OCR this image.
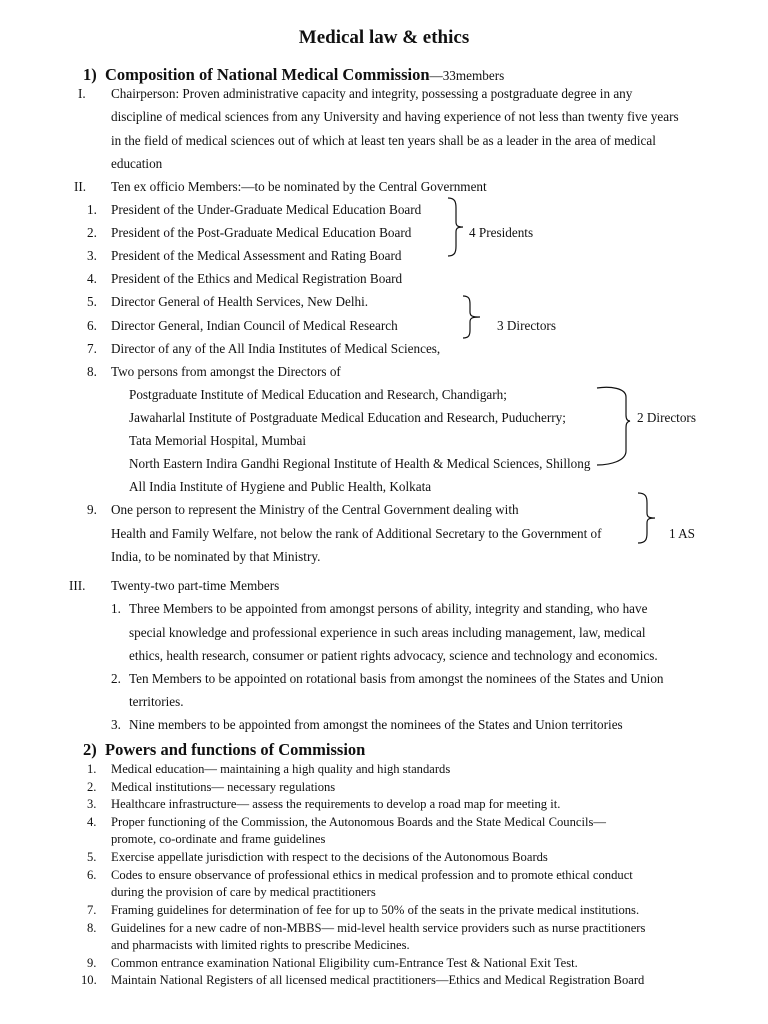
Medical law & ethics
1) Composition of National Medical Commission—33members
I. Chairperson: Proven administrative capacity and integrity, possessing a postgraduate degree in any
discipline of medical sciences from any University and having experience of not less than twenty five years
in the field of medical sciences out of which at least ten years shall be as a leader in the area of medical
education
II. Ten ex officio Members:—to be nominated by the Central Government
1. President of the Under-Graduate Medical Education Board
2. President of the Post-Graduate Medical Education Board
3. President of the Medical Assessment and Rating Board
4. President of the Ethics and Medical Registration Board
5. Director General of Health Services, New Delhi.
6. Director General, Indian Council of Medical Research
7. Director of any of the All India Institutes of Medical Sciences,
8. Two persons from amongst the Directors of
4 Presidents
3 Directors
Postgraduate Institute of Medical Education and Research, Chandigarh;
Jawaharlal Institute of Postgraduate Medical Education and Research, Puducherry;
Tata Memorial Hospital, Mumbai
North Eastern Indira Gandhi Regional Institute of Health & Medical Sciences, Shillong
All India Institute of Hygiene and Public Health, Kolkata
2 Directors
9. One person to represent the Ministry of the Central Government dealing with
Health and Family Welfare, not below the rank of Additional Secretary to the Government of
India, to be nominated by that Ministry.
1 AS
III. Twenty-two part-time Members
1. Three Members to be appointed from amongst persons of ability, integrity and standing, who have
special knowledge and professional experience in such areas including management, law, medical
ethics, health research, consumer or patient rights advocacy, science and technology and economics.
2. Ten Members to be appointed on rotational basis from amongst the nominees of the States and Union
territories.
3. Nine members to be appointed from amongst the nominees of the States and Union territories
2) Powers and functions of Commission
1. Medical education— maintaining a high quality and high standards
2. Medical institutions— necessary regulations
3. Healthcare infrastructure— assess the requirements to develop a road map for meeting it.
4. Proper functioning of the Commission, the Autonomous Boards and the State Medical Councils—
promote, co-ordinate and frame guidelines
5. Exercise appellate jurisdiction with respect to the decisions of the Autonomous Boards
6. Codes to ensure observance of professional ethics in medical profession and to promote ethical conduct
during the provision of care by medical practitioners
7. Framing guidelines for determination of fee for up to 50% of the seats in the private medical institutions.
8. Guidelines for a new cadre of non-MBBS— mid-level health service providers such as nurse practitioners
and pharmacists with limited rights to prescribe Medicines.
9. Common entrance examination National Eligibility cum-Entrance Test & National Exit Test.
10. Maintain National Registers of all licensed medical practitioners—Ethics and Medical Registration Board
